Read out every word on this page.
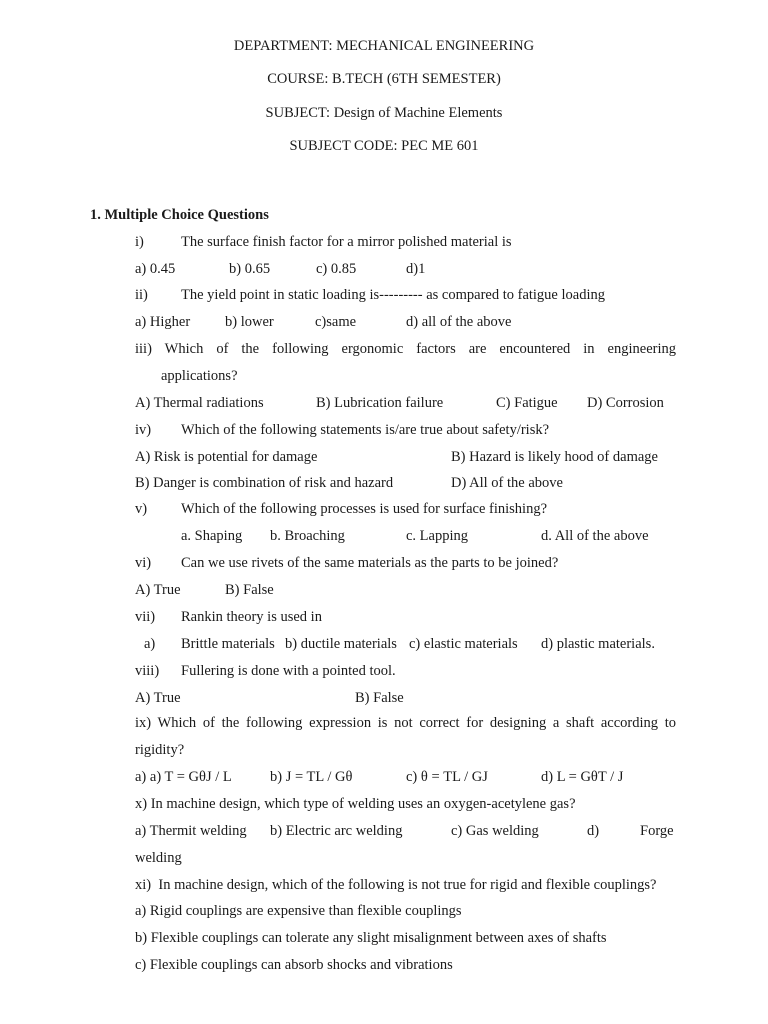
DEPARTMENT: MECHANICAL ENGINEERING
COURSE: B.TECH (6TH SEMESTER)
SUBJECT: Design of Machine Elements
SUBJECT CODE: PEC ME 601
1. Multiple Choice Questions
i)	The surface finish factor for a mirror polished material is
a) 0.45	b) 0.65	c) 0.85	d)1
ii) The yield point in static loading is--------- as compared to fatigue loading
a) Higher b) lower	c)same	d) all of the above
iii) Which of the following ergonomic factors are encountered in engineering
applications?
A) Thermal radiations	B) Lubrication failure	C) Fatigue D) Corrosion
iv) Which of the following statements is/are true about safety/risk?
A) Risk is potential for damage	B) Hazard is likely hood of damage
B) Danger is combination of risk and hazard	D) All of the above
v) Which of the following processes is used for surface finishing?
a. Shaping b. Broaching	c. Lapping	d. All of the above
vi) Can we use rivets of the same materials as the parts to be joined?
A) True	B) False
vii) Rankin theory is used in
a) Brittle materials b) ductile materials c) elastic materials d) plastic materials.
viii) Fullering is done with a pointed tool.
A) True	B) False
ix) Which of the following expression is not correct for designing a shaft according to
rigidity?
a) a) T = GθJ / L	b) J = TL / Gθ	c) θ = TL / GJ	d) L = GθT / J
x) In machine design, which type of welding uses an oxygen-acetylene gas?
a) Thermit welding b) Electric arc welding	c) Gas welding	d)	Forge
welding
xi) In machine design, which of the following is not true for rigid and flexible couplings?
a) Rigid couplings are expensive than flexible couplings
b) Flexible couplings can tolerate any slight misalignment between axes of shafts
c) Flexible couplings can absorb shocks and vibrations
